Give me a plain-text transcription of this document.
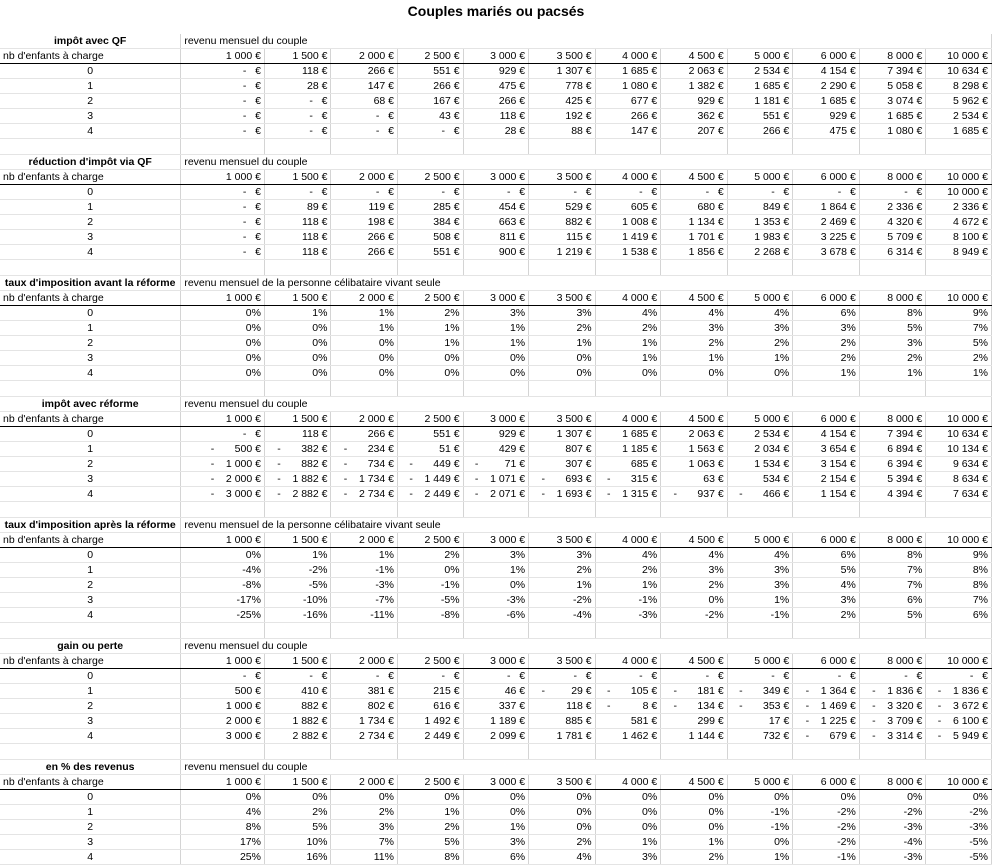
Couples mariés ou pacsés
impôt avec QF	revenu mensuel du couple											
nb d'enfants à charge	1 000 €	1 500 €	2 000 €	2 500 €	3 000 €	3 500 €	4 000 €	4 500 €	5 000 €	6 000 €	8 000 €	10 000 €
0	-   €	118 €	266 €	551 €	929 €	1 307 €	1 685 €	2 063 €	2 534 €	4 154 €	7 394 €	10 634 €
1	-   €	28 €	147 €	266 €	475 €	778 €	1 080 €	1 382 €	1 685 €	2 290 €	5 058 €	8 298 €
2	-   €	-   €	68 €	167 €	266 €	425 €	677 €	929 €	1 181 €	1 685 €	3 074 €	5 962 €
3	-   €	-   €	-   €	43 €	118 €	192 €	266 €	362 €	551 €	929 €	1 685 €	2 534 €
4	-   €	-   €	-   €	-   €	28 €	88 €	147 €	207 €	266 €	475 €	1 080 €	1 685 €

réduction d'impôt via QF	revenu mensuel du couple											
nb d'enfants à charge	1 000 €	1 500 €	2 000 €	2 500 €	3 000 €	3 500 €	4 000 €	4 500 €	5 000 €	6 000 €	8 000 €	10 000 €
0	-   €	-   €	-   €	-   €	-   €	-   €	-   €	-   €	-   €	-   €	-   €	10 000 €
1	-   €	89 €	119 €	285 €	454 €	529 €	605 €	680 €	849 €	1 864 €	2 336 €	2 336 €
2	-   €	118 €	198 €	384 €	663 €	882 €	1 008 €	1 134 €	1 353 €	2 469 €	4 320 €	4 672 €
3	-   €	118 €	266 €	508 €	811 €	115 €	1 419 €	1 701 €	1 983 €	3 225 €	5 709 €	8 100 €
4	-   €	118 €	266 €	551 €	900 €	1 219 €	1 538 €	1 856 €	2 268 €	3 678 €	6 314 €	8 949 €

taux d'imposition avant la réforme	revenu mensuel de la personne célibataire vivant seule											
nb d'enfants à charge	1 000 €	1 500 €	2 000 €	2 500 €	3 000 €	3 500 €	4 000 €	4 500 €	5 000 €	6 000 €	8 000 €	10 000 €
0	0%	1%	1%	2%	3%	3%	4%	4%	4%	6%	8%	9%
1	0%	0%	1%	1%	1%	2%	2%	3%	3%	3%	5%	7%
2	0%	0%	0%	1%	1%	1%	1%	2%	2%	2%	3%	5%
3	0%	0%	0%	0%	0%	0%	1%	1%	1%	2%	2%	2%
4	0%	0%	0%	0%	0%	0%	0%	0%	0%	1%	1%	1%

impôt avec réforme	revenu mensuel du couple											
nb d'enfants à charge	1 000 €	1 500 €	2 000 €	2 500 €	3 000 €	3 500 €	4 000 €	4 500 €	5 000 €	6 000 €	8 000 €	10 000 €
0	-   €	118 €	266 €	551 €	929 €	1 307 €	1 685 €	2 063 €	2 534 €	4 154 €	7 394 €	10 634 €
1	-       500 €	-       382 €	-       234 €	51 €	429 €	807 €	1 185 €	1 563 €	2 034 €	3 654 €	6 894 €	10 134 €
2	-    1 000 €	-       882 €	-       734 €	-       449 €	-         71 €	307 €	685 €	1 063 €	1 534 €	3 154 €	6 394 €	9 634 €
3	-    2 000 €	-    1 882 €	-    1 734 €	-    1 449 €	-    1 071 €	-       693 €	-       315 €	63 €	534 €	2 154 €	5 394 €	8 634 €
4	-    3 000 €	-    2 882 €	-    2 734 €	-    2 449 €	-    2 071 €	-    1 693 €	-    1 315 €	-       937 €	-       466 €	1 154 €	4 394 €	7 634 €

taux d'imposition après la réforme	revenu mensuel de la personne célibataire vivant seule											
nb d'enfants à charge	1 000 €	1 500 €	2 000 €	2 500 €	3 000 €	3 500 €	4 000 €	4 500 €	5 000 €	6 000 €	8 000 €	10 000 €
0	0%	1%	1%	2%	3%	3%	4%	4%	4%	6%	8%	9%
1	-4%	-2%	-1%	0%	1%	2%	2%	3%	3%	5%	7%	8%
2	-8%	-5%	-3%	-1%	0%	1%	1%	2%	3%	4%	7%	8%
3	-17%	-10%	-7%	-5%	-3%	-2%	-1%	0%	1%	3%	6%	7%
4	-25%	-16%	-11%	-8%	-6%	-4%	-3%	-2%	-1%	2%	5%	6%

gain ou perte	revenu mensuel du couple											
nb d'enfants à charge	1 000 €	1 500 €	2 000 €	2 500 €	3 000 €	3 500 €	4 000 €	4 500 €	5 000 €	6 000 €	8 000 €	10 000 €
0	-   €	-   €	-   €	-   €	-   €	-   €	-   €	-   €	-   €	-   €	-   €	-   €
1	500 €	410 €	381 €	215 €	46 €	-         29 €	-       105 €	-       181 €	-       349 €	-    1 364 €	-    1 836 €	-    1 836 €
2	1 000 €	882 €	802 €	616 €	337 €	118 €	-           8 €	-       134 €	-       353 €	-    1 469 €	-    3 320 €	-    3 672 €
3	2 000 €	1 882 €	1 734 €	1 492 €	1 189 €	885 €	581 €	299 €	17 €	-    1 225 €	-    3 709 €	-    6 100 €
4	3 000 €	2 882 €	2 734 €	2 449 €	2 099 €	1 781 €	1 462 €	1 144 €	732 €	-       679 €	-    3 314 €	-    5 949 €

en % des revenus	revenu mensuel du couple											
nb d'enfants à charge	1 000 €	1 500 €	2 000 €	2 500 €	3 000 €	3 500 €	4 000 €	4 500 €	5 000 €	6 000 €	8 000 €	10 000 €
0	0%	0%	0%	0%	0%	0%	0%	0%	0%	0%	0%	0%
1	4%	2%	2%	1%	0%	0%	0%	0%	-1%	-2%	-2%	-2%
2	8%	5%	3%	2%	1%	0%	0%	0%	-1%	-2%	-3%	-3%
3	17%	10%	7%	5%	3%	2%	1%	1%	0%	-2%	-4%	-5%
4	25%	16%	11%	8%	6%	4%	3%	2%	1%	-1%	-3%	-5%
